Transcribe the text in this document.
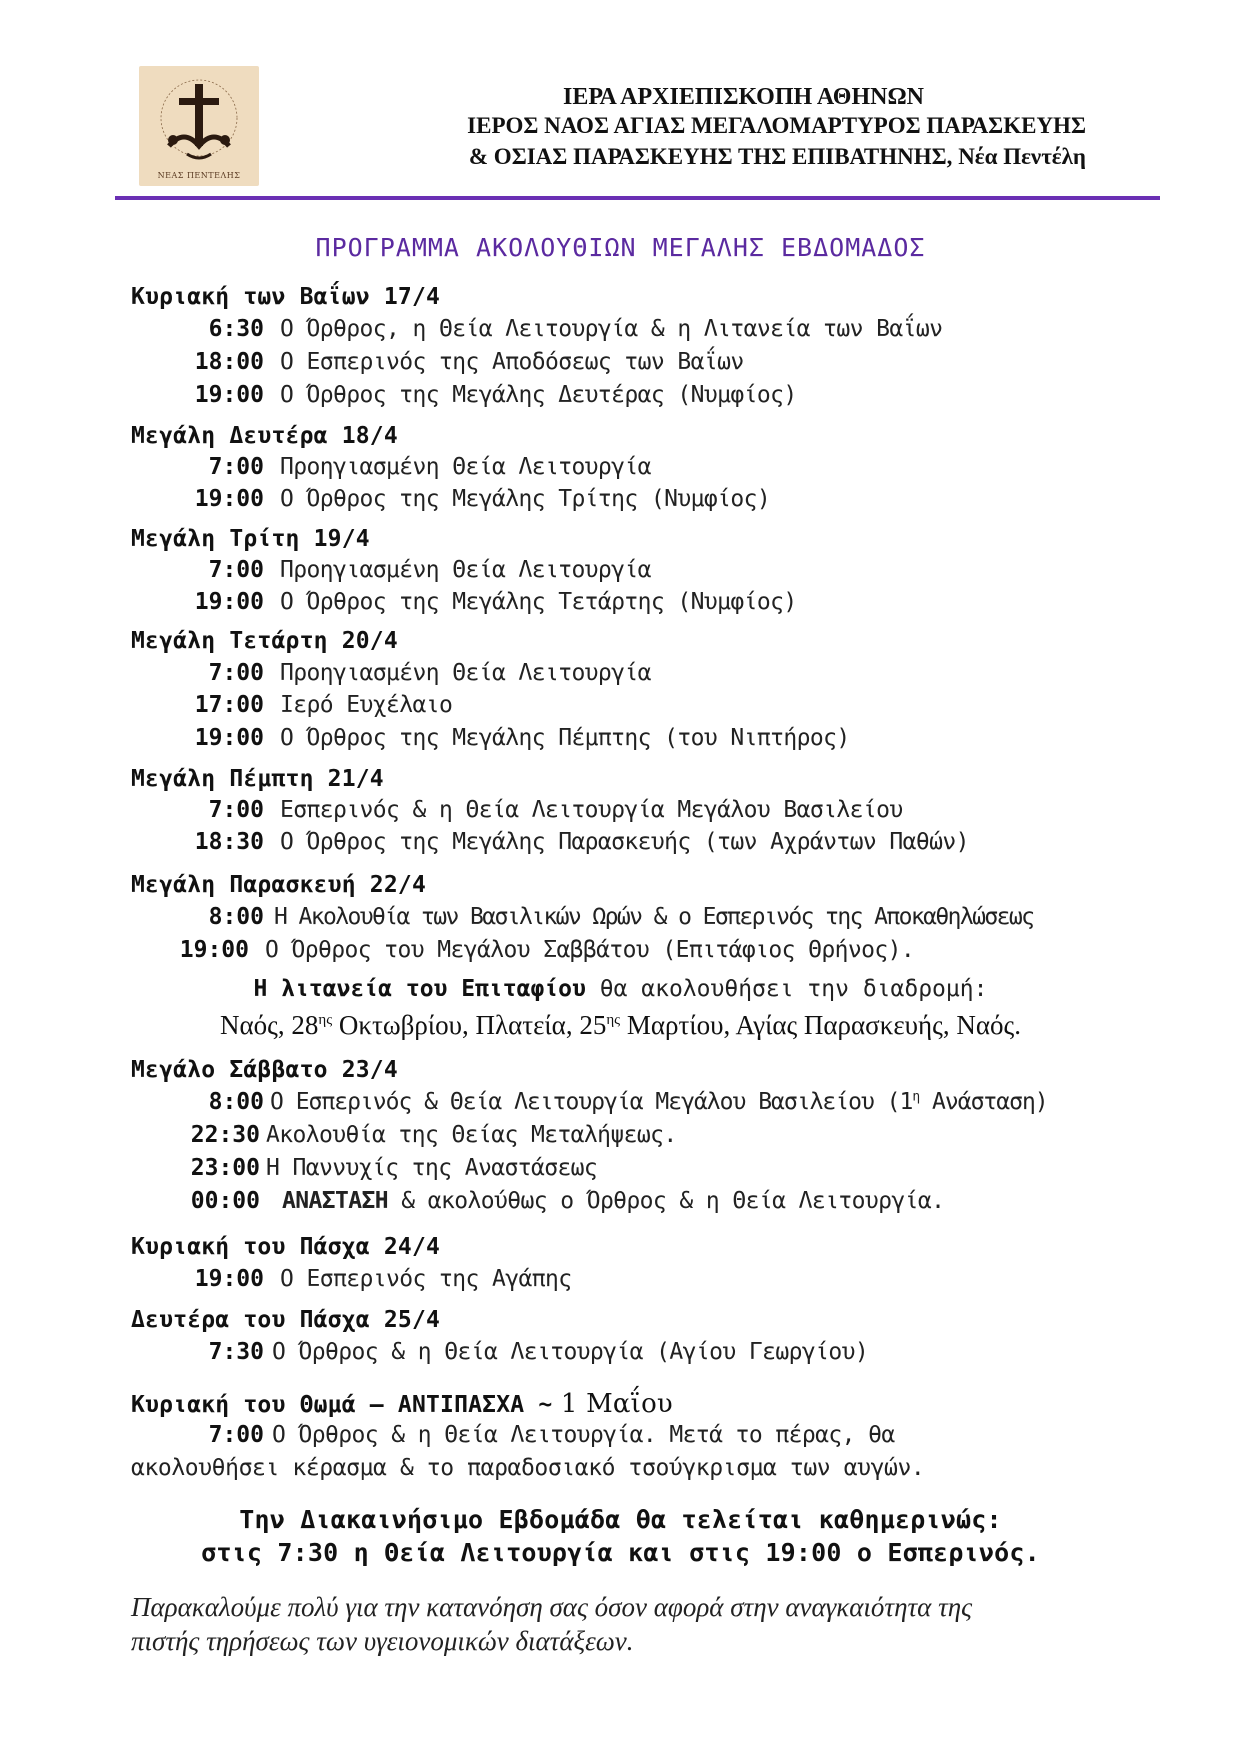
ΝΕΑΣ ΠΕΝΤΕΛΗΣ
ΙΕΡΑ ΑΡΧΙΕΠΙΣΚΟΠΗ ΑΘΗΝΩΝ
ΙΕΡΟΣ ΝΑΟΣ ΑΓΙΑΣ ΜΕΓΑΛΟΜΑΡΤΥΡΟΣ ΠΑΡΑΣΚΕΥΗΣ
& ΟΣΙΑΣ ΠΑΡΑΣΚΕΥΗΣ ΤΗΣ ΕΠΙΒΑΤΗΝΗΣ, Νέα Πεντέλη
ΠΡΟΓΡΑΜΜΑ ΑΚΟΛΟΥΘΙΩΝ ΜΕΓΑΛΗΣ ΕΒΔΟΜΑΔΟΣ
Κυριακή των Βαΐων 17/4
6:30 Ο Όρθρος, η Θεία Λειτουργία & η Λιτανεία των Βαΐων
18:00 Ο Εσπερινός της Αποδόσεως των Βαΐων
19:00 Ο Όρθρος της Μεγάλης Δευτέρας (Νυμφίος)
Μεγάλη Δευτέρα 18/4
7:00 Προηγιασμένη Θεία Λειτουργία
19:00 Ο Όρθρος της Μεγάλης Τρίτης (Νυμφίος)
Μεγάλη Τρίτη 19/4
7:00 Προηγιασμένη Θεία Λειτουργία
19:00 Ο Όρθρος της Μεγάλης Τετάρτης (Νυμφίος)
Μεγάλη Τετάρτη 20/4
7:00 Προηγιασμένη Θεία Λειτουργία
17:00 Ιερό Ευχέλαιο
19:00 Ο Όρθρος της Μεγάλης Πέμπτης (του Νιπτήρος)
Μεγάλη Πέμπτη 21/4
7:00 Εσπερινός & η Θεία Λειτουργία Μεγάλου Βασιλείου
18:30 Ο Όρθρος της Μεγάλης Παρασκευής (των Αχράντων Παθών)
Μεγάλη Παρασκευή 22/4
8:00 Η Ακολουθία των Βασιλικών Ωρών & ο Εσπερινός της Αποκαθηλώσεως
19:00 Ο Όρθρος του Μεγάλου Σαββάτου (Επιτάφιος Θρήνος).
Η λιτανεία του Επιταφίου θα ακολουθήσει την διαδρομή:
Ναός, $28^{\eta\varsigma}$ Οκτωβρίου, Πλατεία, $25^{\eta\varsigma}$ Μαρτίου, Αγίας Παρασκευής, Ναός.
Μεγάλο Σάββατο 23/4
8:00 Ο Εσπερινός & Θεία Λειτουργία Μεγάλου Βασιλείου ($1^\eta$ Ανάσταση)
22:30 Ακολουθία της Θείας Μεταλήψεως.
23:00 Η Παννυχίς της Αναστάσεως
00:00 ΑΝΑΣΤΑΣΗ & ακολούθως ο Όρθρος & η Θεία Λειτουργία.
Κυριακή του Πάσχα 24/4
19:00 Ο Εσπερινός της Αγάπης
Δευτέρα του Πάσχα 25/4
7:30 Ο Όρθρος & η Θεία Λειτουργία (Αγίου Γεωργίου)
Κυριακή του Θωμά – ΑΝΤΙΠΑΣΧΑ ~ 1 Μαΐου
7:00 Ο Όρθρος & η Θεία Λειτουργία. Μετά το πέρας, θα
ακολουθήσει κέρασμα & το παραδοσιακό τσούγκρισμα των αυγών.
Την Διακαινήσιμο Εβδομάδα θα τελείται καθημερινώς:
στις 7:30 η Θεία Λειτουργία και στις 19:00 ο Εσπερινός.
Παρακαλούμε πολύ για την κατανόηση σας όσον αφορά στην αναγκαιότητα της
πιστής τηρήσεως των υγειονομικών διατάξεων.
